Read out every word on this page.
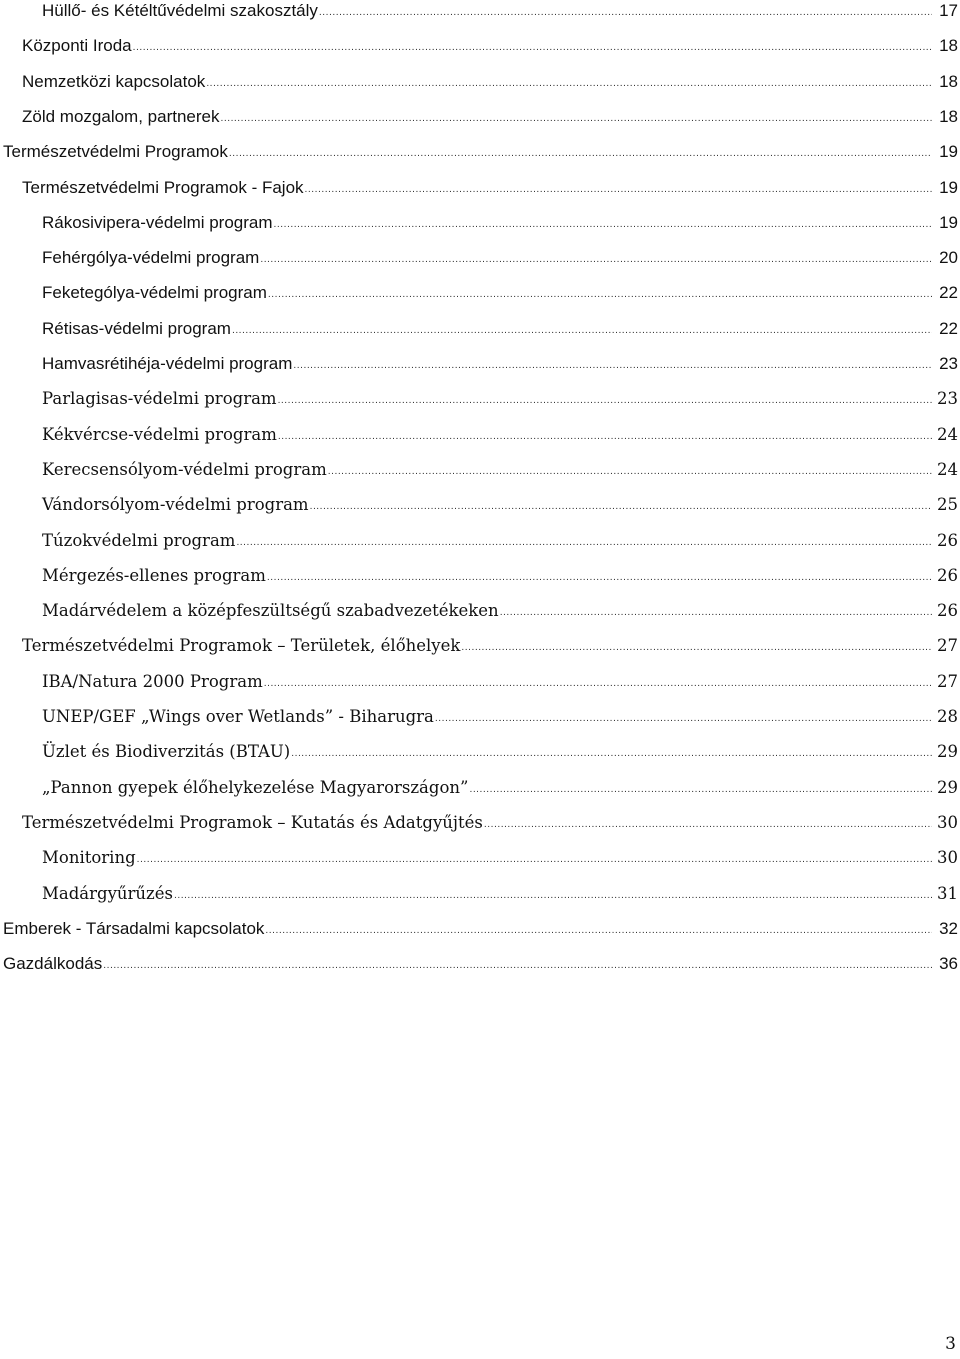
Hüllő- és Kétéltűvédelmi szakosztály .....	17
Központi Iroda .....	18
Nemzetközi kapcsolatok .....	18
Zöld mozgalom, partnerek .....	18
Természetvédelmi Programok .....	19
Természetvédelmi Programok - Fajok .....	19
Rákosivipera-védelmi program .....	19
Fehérgólya-védelmi program .....	20
Feketególya-védelmi program .....	22
Rétisas-védelmi program .....	22
Hamvasrétihéja-védelmi program .....	23
Parlagisas-védelmi program .....	23
Kékvércse-védelmi program .....	24
Kerecsensólyom-védelmi program .....	24
Vándorsólyom-védelmi program .....	25
Túzokvédelmi program .....	26
Mérgezés-ellenes program .....	26
Madárvédelem a középfeszültségű szabadvezetékeken .....	26
Természetvédelmi Programok – Területek, élőhelyek .....	27
IBA/Natura 2000 Program .....	27
UNEP/GEF „Wings over Wetlands” - Biharugra .....	28
Üzlet és Biodiverzitás (BTAU) .....	29
„Pannon gyepek élőhelykezelése Magyarországon” .....	29
Természetvédelmi Programok – Kutatás és Adatgyűjtés .....	30
Monitoring .....	30
Madárgyűrűzés .....	31
Emberek - Társadalmi kapcsolatok .....	32
Gazdálkodás .....	36
3
